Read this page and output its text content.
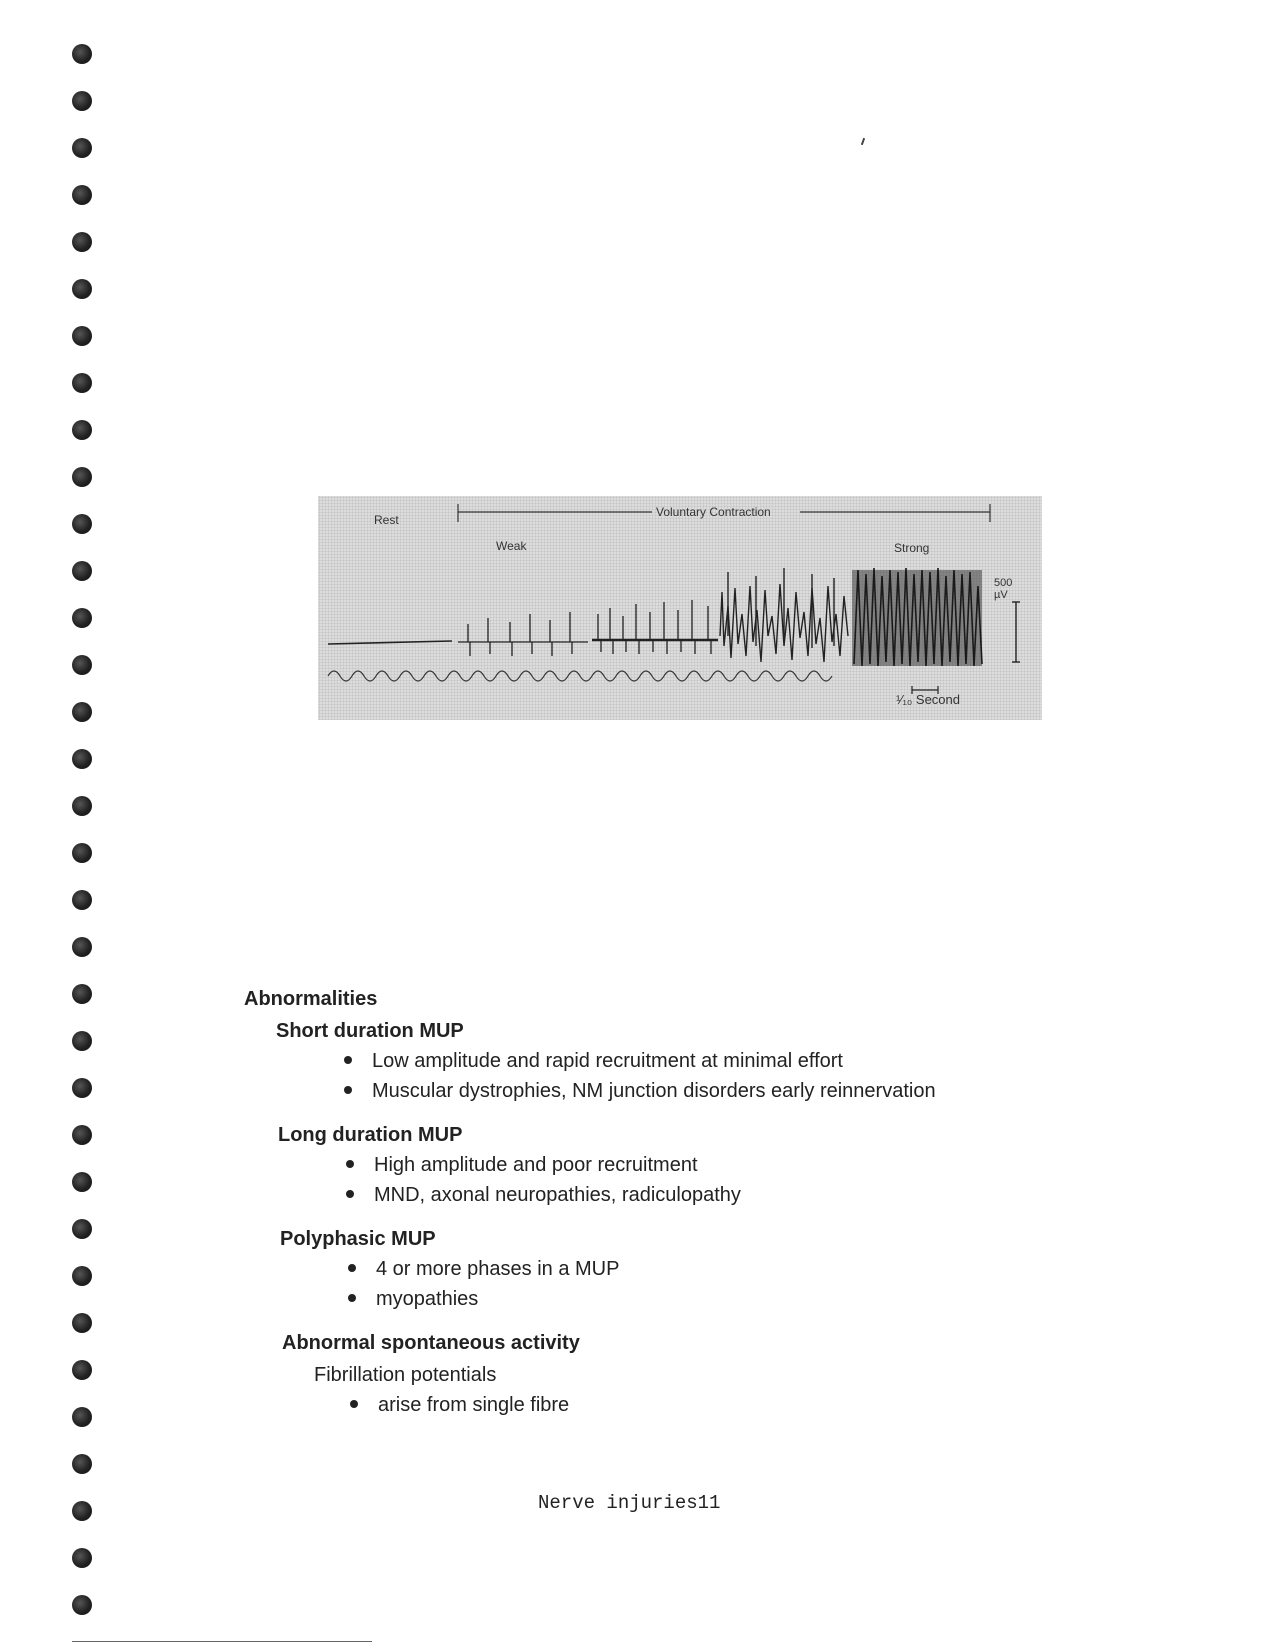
Rest
Voluntary Contraction
Weak	Strong
500
µV
¹⁄₁₀ Second
Abnormalities
Short duration MUP
Low amplitude and rapid recruitment at minimal effort
Muscular dystrophies, NM junction disorders early reinnervation
Long duration MUP
High amplitude and poor recruitment
MND, axonal neuropathies, radiculopathy
Polyphasic MUP
4 or more phases in a MUP
myopathies
Abnormal spontaneous activity
Fibrillation potentials
arise from single fibre
Nerve injuries11
